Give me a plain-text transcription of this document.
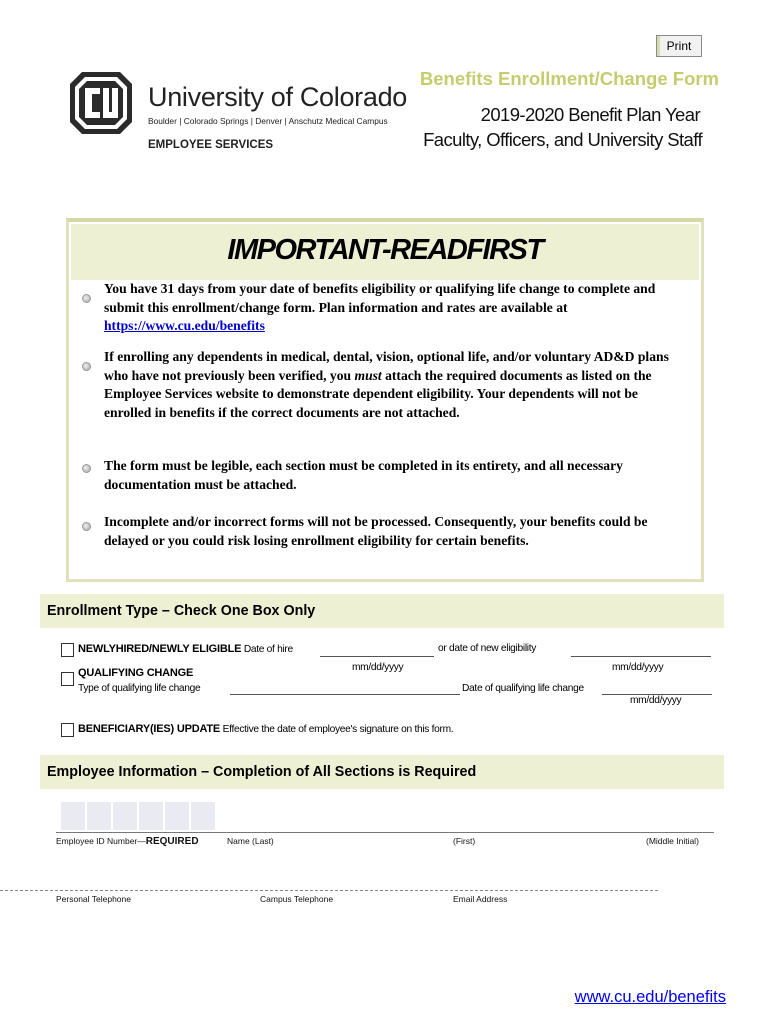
Print
University of Colorado
Boulder | Colorado Springs | Denver | Anschutz Medical Campus
EMPLOYEE SERVICES
Benefits Enrollment/Change Form
2019-2020 Benefit Plan Year
Faculty, Officers, and University Staff
IMPORTANT-READFIRST
You have 31 days from your date of benefits eligibility or qualifying life change to complete and submit this enrollment/change form. Plan information and rates are available at https://www.cu.edu/benefits
If enrolling any dependents in medical, dental, vision, optional life, and/or voluntary AD&D plans who have not previously been verified, you must attach the required documents as listed on the Employee Services website to demonstrate dependent eligibility. Your dependents will not be enrolled in benefits if the correct documents are not attached.
The form must be legible, each section must be completed in its entirety, and all necessary documentation must be attached.
Incomplete and/or incorrect forms will not be processed. Consequently, your benefits could be delayed or you could risk losing enrollment eligibility for certain benefits.
Enrollment Type – Check One Box Only
NEWLYHIRED/NEWLY ELIGIBLE Date of hire	or date of new eligibility
mm/dd/yyyy	mm/dd/yyyy
QUALIFYING CHANGE
Type of qualifying life change	Date of qualifying life change
mm/dd/yyyy
BENEFICIARY(IES) UPDATE Effective the date of employee's signature on this form.
Employee Information – Completion of All Sections is Required
Employee ID Number—REQUIRED	Name (Last)	(First)	(Middle Initial)
Personal Telephone	Campus Telephone	Email Address
www.cu.edu/benefits
